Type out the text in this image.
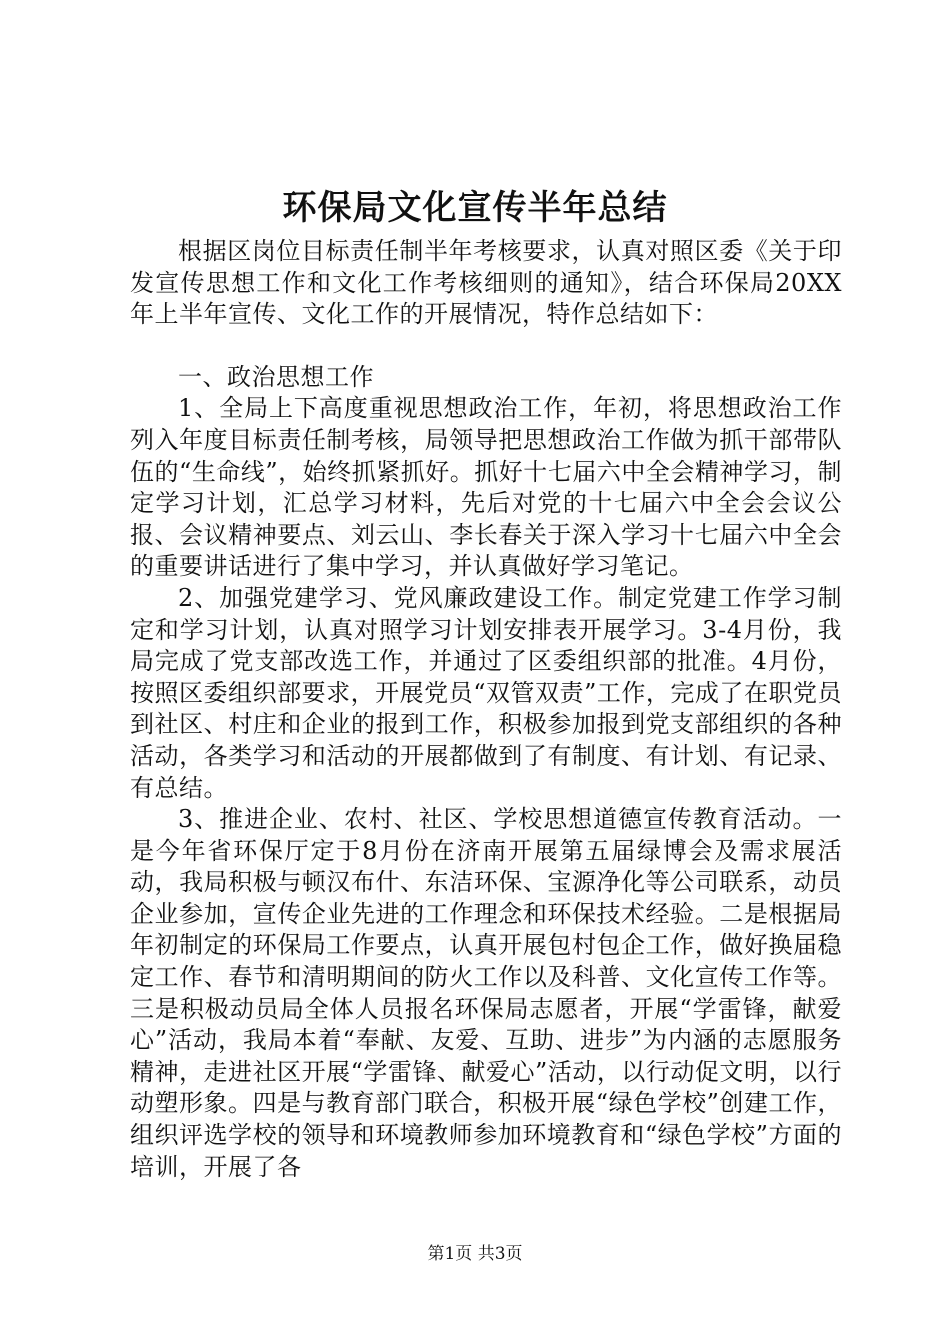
环保局文化宣传半年总结

根据区岗位目标责任制半年考核要求，认真对照区委《关于印发宣传思想工作和文化工作考核细则的通知》，结合环保局20XX年上半年宣传、文化工作的开展情况，特作总结如下：

一、政治思想工作

1、全局上下高度重视思想政治工作，年初，将思想政治工作列入年度目标责任制考核，局领导把思想政治工作做为抓干部带队伍的“生命线”，始终抓紧抓好。抓好十七届六中全会精神学习，制定学习计划，汇总学习材料，先后对党的十七届六中全会会议公报、会议精神要点、刘云山、李长春关于深入学习十七届六中全会的重要讲话进行了集中学习，并认真做好学习笔记。

2、加强党建学习、党风廉政建设工作。制定党建工作学习制定和学习计划，认真对照学习计划安排表开展学习。3-4月份，我局完成了党支部改选工作，并通过了区委组织部的批准。4月份，按照区委组织部要求，开展党员“双管双责”工作，完成了在职党员到社区、村庄和企业的报到工作，积极参加报到党支部组织的各种活动，各类学习和活动的开展都做到了有制度、有计划、有记录、有总结。

3、推进企业、农村、社区、学校思想道德宣传教育活动。一是今年省环保厅定于8月份在济南开展第五届绿博会及需求展活动，我局积极与顿汉布什、东洁环保、宝源净化等公司联系，动员企业参加，宣传企业先进的工作理念和环保技术经验。二是根据局年初制定的环保局工作要点，认真开展包村包企工作，做好换届稳定工作、春节和清明期间的防火工作以及科普、文化宣传工作等。三是积极动员局全体人员报名环保局志愿者，开展“学雷锋，献爱心”活动，我局本着“奉献、友爱、互助、进步”为内涵的志愿服务精神，走进社区开展“学雷锋、献爱心”活动，以行动促文明，以行动塑形象。四是与教育部门联合，积极开展“绿色学校”创建工作，组织评选学校的领导和环境教师参加环境教育和“绿色学校”方面的培训，开展了各

第1页 共3页
